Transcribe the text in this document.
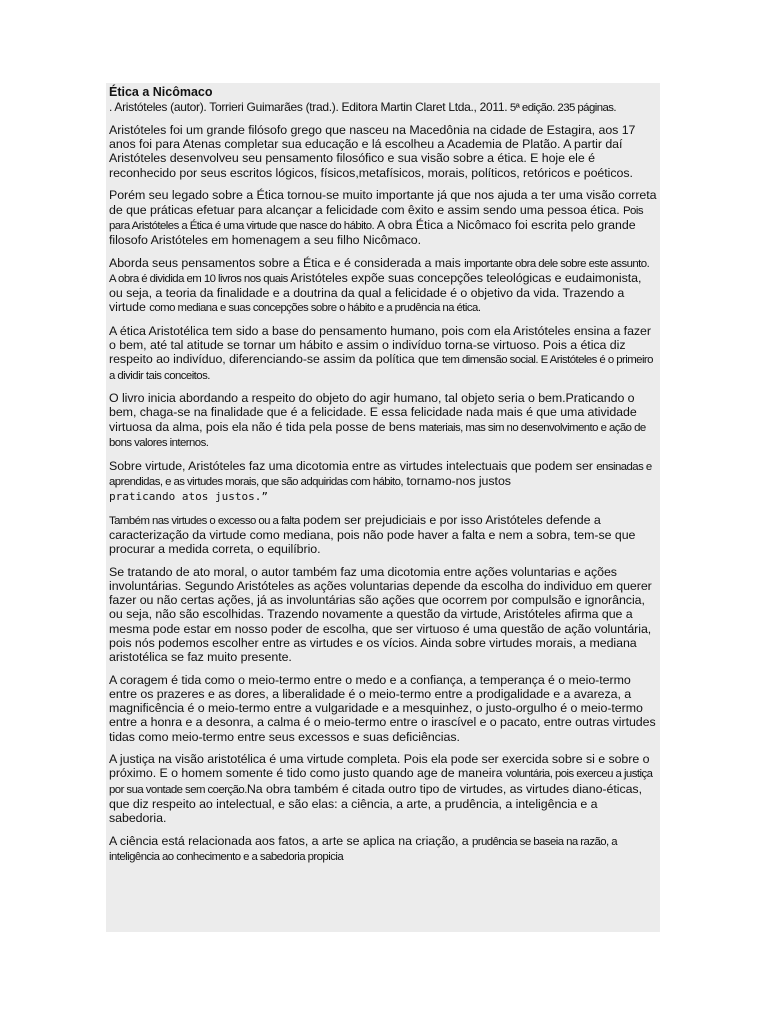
Ética a Nicômaco
. Aristóteles (autor). Torrieri Guimarães (trad.). Editora Martin Claret Ltda., 2011. 5ª edição. 235 páginas.

Aristóteles foi um grande filósofo grego que nasceu na Macedônia na cidade de Estagira, aos 17 anos foi para Atenas completar sua educação e lá escolheu a Academia de Platão. A partir daí Aristóteles desenvolveu seu pensamento filosófico e sua visão sobre a ética. E hoje ele é reconhecido por seus escritos lógicos, físicos,metafísicos, morais, políticos, retóricos e poéticos.

Porém seu legado sobre a Ética tornou-se muito importante já que nos ajuda a ter uma visão correta de que práticas efetuar para alcançar a felicidade com êxito e assim sendo uma pessoa ética. Pois para Aristóteles a Ética é uma virtude que nasce do hábito. A obra Ética a Nicômaco foi escrita pelo grande filosofo Aristóteles em homenagem a seu filho Nicômaco.

Aborda seus pensamentos sobre a Ética e é considerada a mais importante obra dele sobre este assunto. A obra é dividida em 10 livros nos quais Aristóteles expõe suas concepções teleológicas e eudaimonista, ou seja, a teoria da finalidade e a doutrina da qual a felicidade é o objetivo da vida. Trazendo a virtude como mediana e suas concepções sobre o hábito e a prudência na ética.

A ética Aristotélica tem sido a base do pensamento humano, pois com ela Aristóteles ensina a fazer o bem, até tal atitude se tornar um hábito e assim o indivíduo torna-se virtuoso. Pois a ética diz respeito ao indivíduo, diferenciando-se assim da política que tem dimensão social. E Aristóteles é o primeiro a dividir tais conceitos.

O livro inicia abordando a respeito do objeto do agir humano, tal objeto seria o bem.Praticando o bem, chaga-se na finalidade que é a felicidade. E essa felicidade nada mais é que uma atividade virtuosa da alma, pois ela não é tida pela posse de bens materiais, mas sim no desenvolvimento e ação de bons valores internos.

Sobre virtude, Aristóteles faz uma dicotomia entre as virtudes intelectuais que podem ser ensinadas e aprendidas, e as virtudes morais, que são adquiridas com hábito, tornamo-nos justos
praticando atos justos.”

Também nas virtudes o excesso ou a falta podem ser prejudiciais e por isso Aristóteles defende a caracterização da virtude como mediana, pois não pode haver a falta e nem a sobra, tem-se que procurar a medida correta, o equilíbrio.

Se tratando de ato moral, o autor também faz uma dicotomia entre ações voluntarias e ações involuntárias. Segundo Aristóteles as ações voluntarias depende da escolha do individuo em querer fazer ou não certas ações, já as involuntárias são ações que ocorrem por compulsão e ignorância, ou seja, não são escolhidas. Trazendo novamente a questão da virtude, Aristóteles afirma que a mesma pode estar em nosso poder de escolha, que ser virtuoso é uma questão de ação voluntária, pois nós podemos escolher entre as virtudes e os vícios. Ainda sobre virtudes morais, a mediana aristotélica se faz muito presente.

A coragem é tida como o meio-termo entre o medo e a confiança, a temperança é o meio-termo entre os prazeres e as dores, a liberalidade é o meio-termo entre a prodigalidade e a avareza, a magnificência é o meio-termo entre a vulgaridade e a mesquinhez, o justo-orgulho é o meio-termo entre a honra e a desonra, a calma é o meio-termo entre o irascível e o pacato, entre outras virtudes tidas como meio-termo entre seus excessos e suas deficiências.

A justiça na visão aristotélica é uma virtude completa. Pois ela pode ser exercida sobre si e sobre o próximo. E o homem somente é tido como justo quando age de maneira voluntária, pois exerceu a justiça por sua vontade sem coerção.Na obra também é citada outro tipo de virtudes, as virtudes diano-éticas, que diz respeito ao intelectual, e são elas: a ciência, a arte, a prudência, a inteligência e a sabedoria.

A ciência está relacionada aos fatos, a arte se aplica na criação, a prudência se baseia na razão, a inteligência ao conhecimento e a sabedoria propicia
